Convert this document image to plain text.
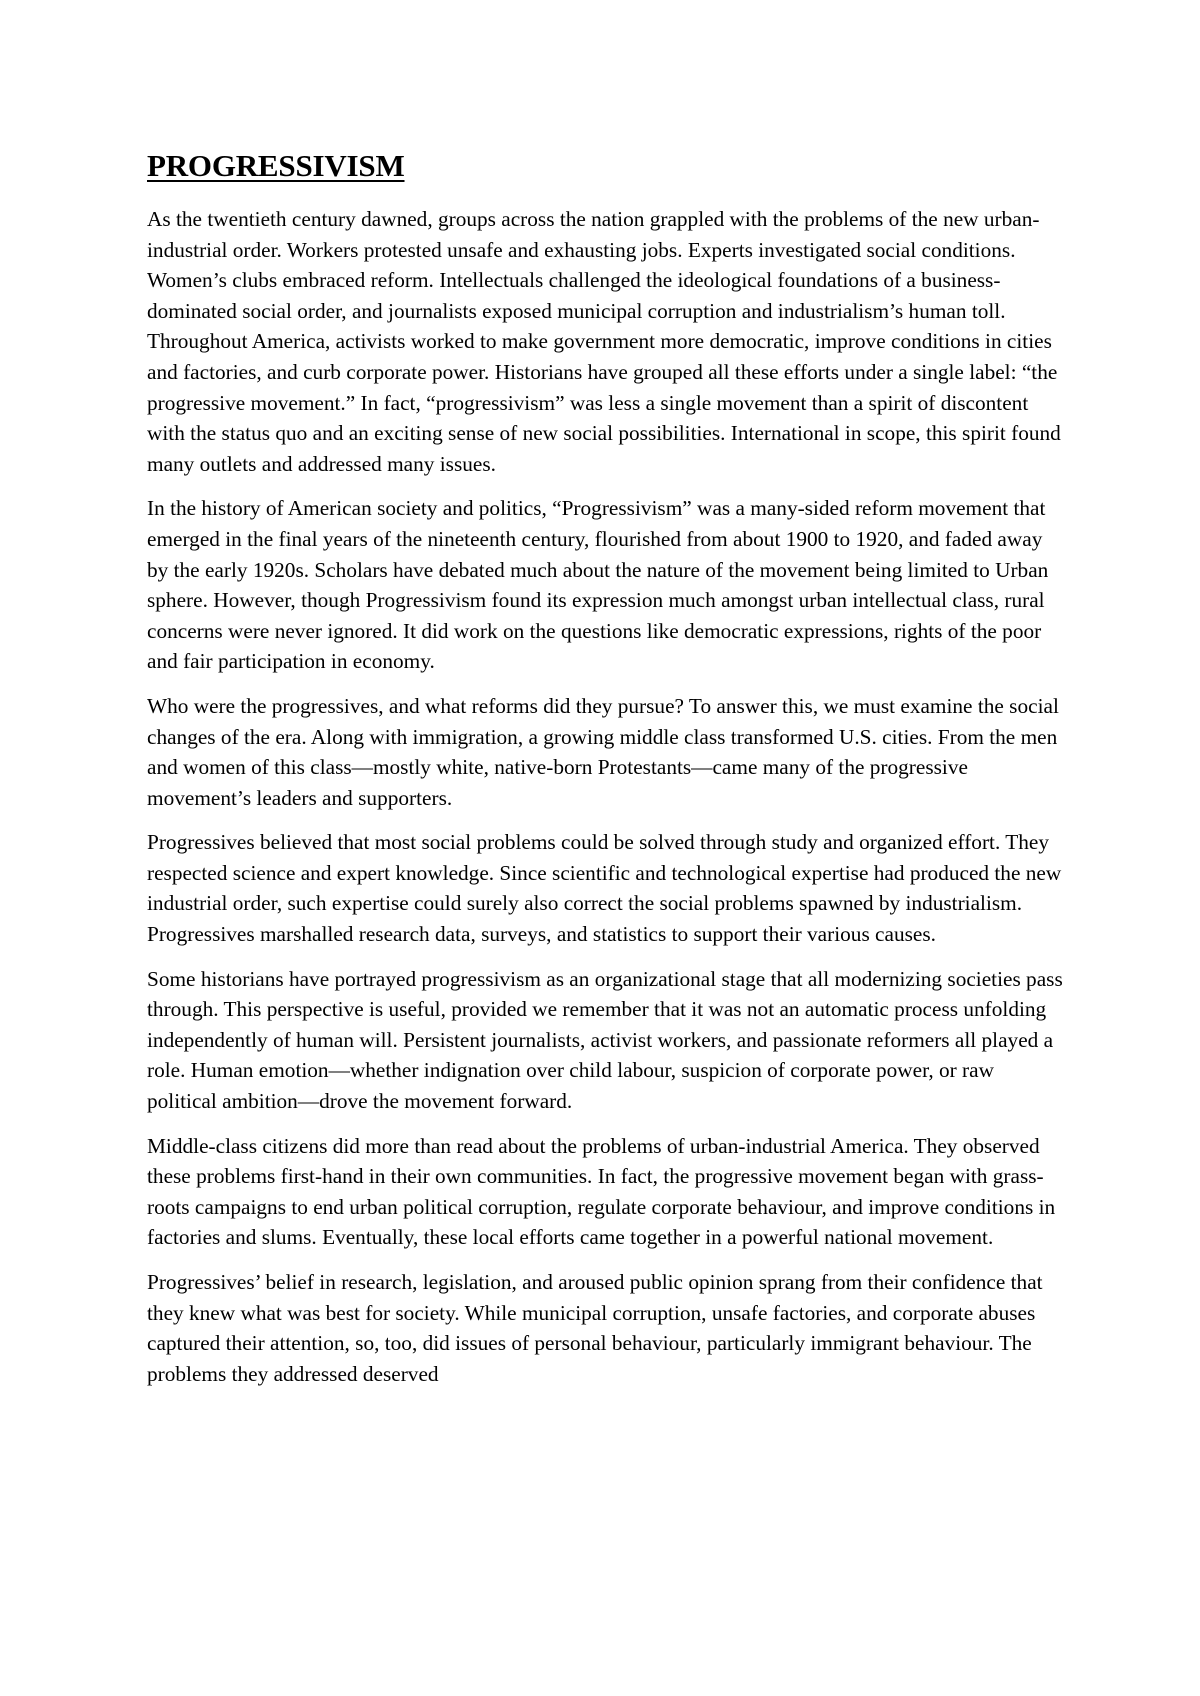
PROGRESSIVISM

As the twentieth century dawned, groups across the nation grappled with the problems of the new urban-industrial order. Workers protested unsafe and exhausting jobs. Experts investigated social conditions. Women’s clubs embraced reform. Intellectuals challenged the ideological foundations of a business-dominated social order, and journalists exposed municipal corruption and industrialism’s human toll. Throughout America, activists worked to make government more democratic, improve conditions in cities and factories, and curb corporate power. Historians have grouped all these efforts under a single label: “the progressive movement.” In fact, “progressivism” was less a single movement than a spirit of discontent with the status quo and an exciting sense of new social possibilities. International in scope, this spirit found many outlets and addressed many issues.

In the history of American society and politics, “Progressivism” was a many-sided reform movement that emerged in the final years of the nineteenth century, flourished from about 1900 to 1920, and faded away by the early 1920s. Scholars have debated much about the nature of the movement being limited to Urban sphere. However, though Progressivism found its expression much amongst urban intellectual class, rural concerns were never ignored. It did work on the questions like democratic expressions, rights of the poor and fair participation in economy.

Who were the progressives, and what reforms did they pursue? To answer this, we must examine the social changes of the era. Along with immigration, a growing middle class transformed U.S. cities. From the men and women of this class—mostly white, native-born Protestants—came many of the progressive movement’s leaders and supporters.

Progressives believed that most social problems could be solved through study and organized effort. They respected science and expert knowledge. Since scientific and technological expertise had produced the new industrial order, such expertise could surely also correct the social problems spawned by industrialism. Progressives marshalled research data, surveys, and statistics to support their various causes.

Some historians have portrayed progressivism as an organizational stage that all modernizing societies pass through. This perspective is useful, provided we remember that it was not an automatic process unfolding independently of human will. Persistent journalists, activist workers, and passionate reformers all played a role. Human emotion—whether indignation over child labour, suspicion of corporate power, or raw political ambition—drove the movement forward.

Middle-class citizens did more than read about the problems of urban-industrial America. They observed these problems first-hand in their own communities. In fact, the progressive movement began with grass-roots campaigns to end urban political corruption, regulate corporate behaviour, and improve conditions in factories and slums. Eventually, these local efforts came together in a powerful national movement.

Progressives’ belief in research, legislation, and aroused public opinion sprang from their confidence that they knew what was best for society. While municipal corruption, unsafe factories, and corporate abuses captured their attention, so, too, did issues of personal behaviour, particularly immigrant behaviour. The problems they addressed deserved
